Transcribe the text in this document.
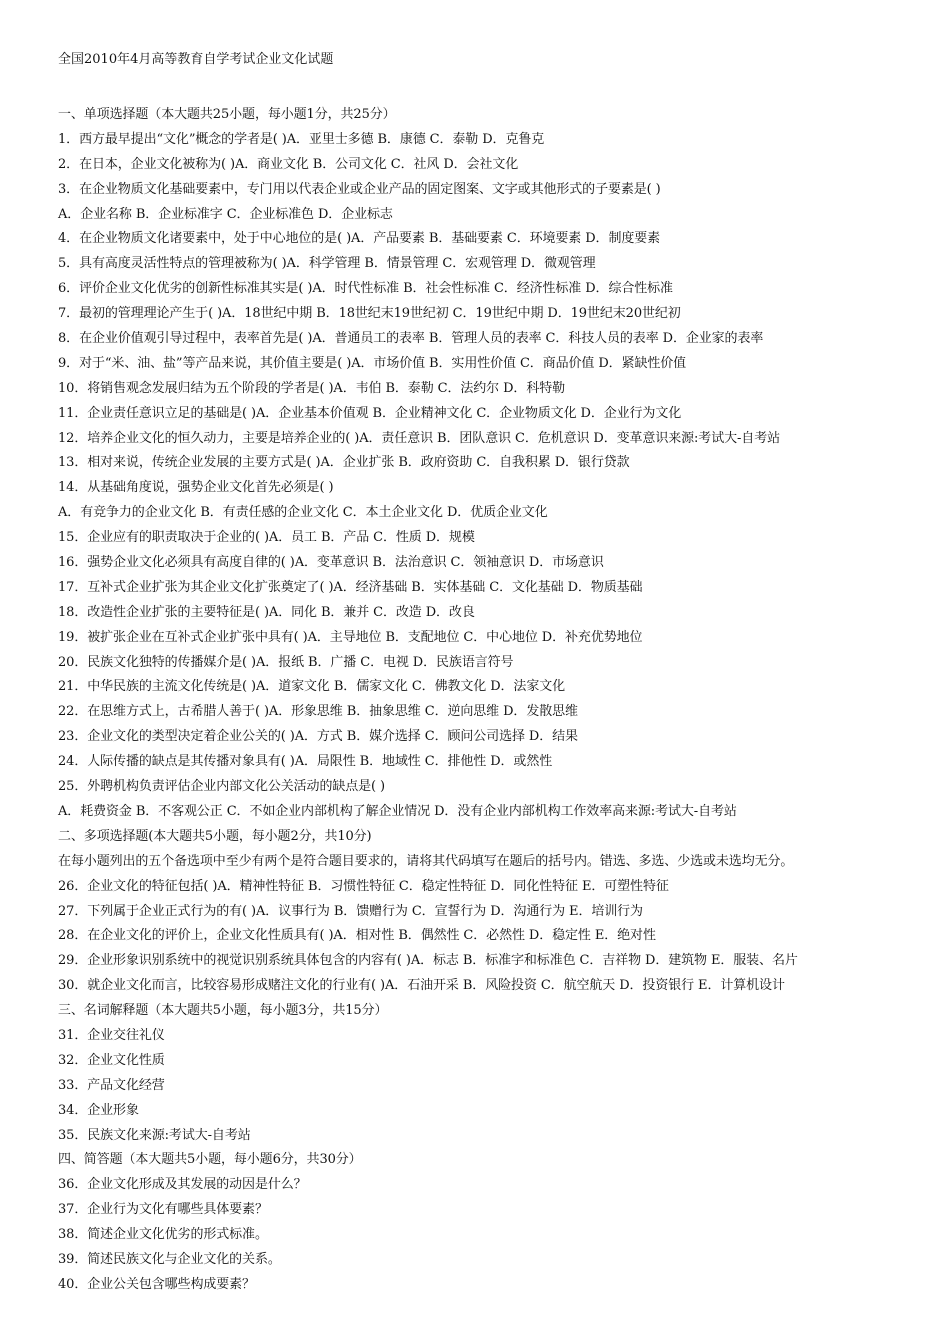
全国2010年4月高等教育自学考试企业文化试题
一、单项选择题（本大题共25小题，每小题1分，共25分）
1．西方最早提出“文化”概念的学者是( )A．亚里士多德 B．康德 C．泰勒 D．克鲁克
2．在日本，企业文化被称为( )A．商业文化 B．公司文化 C．社风 D．会社文化
3．在企业物质文化基础要素中，专门用以代表企业或企业产品的固定图案、文字或其他形式的子要素是( )
A．企业名称 B．企业标准字 C．企业标准色 D．企业标志
4．在企业物质文化诸要素中，处于中心地位的是( )A．产品要素 B．基础要素 C．环境要素 D．制度要素
5．具有高度灵活性特点的管理被称为( )A．科学管理 B．情景管理 C．宏观管理 D．微观管理
6．评价企业文化优劣的创新性标准其实是( )A．时代性标准 B．社会性标准 C．经济性标准 D．综合性标准
7．最初的管理理论产生于( )A．18世纪中期 B．18世纪末19世纪初 C．19世纪中期 D．19世纪末20世纪初
8．在企业价值观引导过程中，表率首先是( )A．普通员工的表率 B．管理人员的表率 C．科技人员的表率 D．企业家的表率
9．对于“米、油、盐”等产品来说，其价值主要是( )A．市场价值 B．实用性价值 C．商品价值 D．紧缺性价值
10．将销售观念发展归结为五个阶段的学者是( )A．韦伯 B．泰勒 C．法约尔 D．科特勒
11．企业责任意识立足的基础是( )A．企业基本价值观 B．企业精神文化 C．企业物质文化 D．企业行为文化
12．培养企业文化的恒久动力，主要是培养企业的( )A．责任意识 B．团队意识 C．危机意识 D．变革意识来源:考试大-自考站
13．相对来说，传统企业发展的主要方式是( )A．企业扩张 B．政府资助 C．自我积累 D．银行贷款
14．从基础角度说，强势企业文化首先必须是( )
A．有竞争力的企业文化 B．有责任感的企业文化 C．本土企业文化 D．优质企业文化
15．企业应有的职责取决于企业的( )A．员工 B．产品 C．性质 D．规模
16．强势企业文化必须具有高度自律的( )A．变革意识 B．法治意识 C．领袖意识 D．市场意识
17．互补式企业扩张为其企业文化扩张奠定了( )A．经济基础 B．实体基础 C．文化基础 D．物质基础
18．改造性企业扩张的主要特征是( )A．同化 B．兼并 C．改造 D．改良
19．被扩张企业在互补式企业扩张中具有( )A．主导地位 B．支配地位 C．中心地位 D．补充优势地位
20．民族文化独特的传播媒介是( )A．报纸 B．广播 C．电视 D．民族语言符号
21．中华民族的主流文化传统是( )A．道家文化 B．儒家文化 C．佛教文化 D．法家文化
22．在思维方式上，古希腊人善于( )A．形象思维 B．抽象思维 C．逆向思维 D．发散思维
23．企业文化的类型决定着企业公关的( )A．方式 B．媒介选择 C．顾问公司选择 D．结果
24．人际传播的缺点是其传播对象具有( )A．局限性 B．地域性 C．排他性 D．或然性
25．外聘机构负责评估企业内部文化公关活动的缺点是( )
A．耗费资金 B．不客观公正 C．不如企业内部机构了解企业情况 D．没有企业内部机构工作效率高来源:考试大-自考站
二、多项选择题(本大题共5小题，每小题2分，共10分)
在每小题列出的五个备选项中至少有两个是符合题目要求的，请将其代码填写在题后的括号内。错选、多选、少选或未选均无分。
26．企业文化的特征包括( )A．精神性特征 B．习惯性特征 C．稳定性特征 D．同化性特征 E．可塑性特征
27．下列属于企业正式行为的有( )A．议事行为 B．馈赠行为 C．宣誓行为 D．沟通行为 E．培训行为
28．在企业文化的评价上，企业文化性质具有( )A．相对性 B．偶然性 C．必然性 D．稳定性 E．绝对性
29．企业形象识别系统中的视觉识别系统具体包含的内容有( )A．标志 B．标准字和标准色 C．吉祥物 D．建筑物 E．服装、名片
30．就企业文化而言，比较容易形成赌注文化的行业有( )A．石油开采 B．风险投资 C．航空航天 D．投资银行 E．计算机设计
三、名词解释题（本大题共5小题，每小题3分，共15分）
31．企业交往礼仪
32．企业文化性质
33．产品文化经营
34．企业形象
35．民族文化来源:考试大-自考站
四、简答题（本大题共5小题，每小题6分，共30分）
36．企业文化形成及其发展的动因是什么？
37．企业行为文化有哪些具体要素？
38．简述企业文化优劣的形式标准。
39．简述民族文化与企业文化的关系。
40．企业公关包含哪些构成要素？
